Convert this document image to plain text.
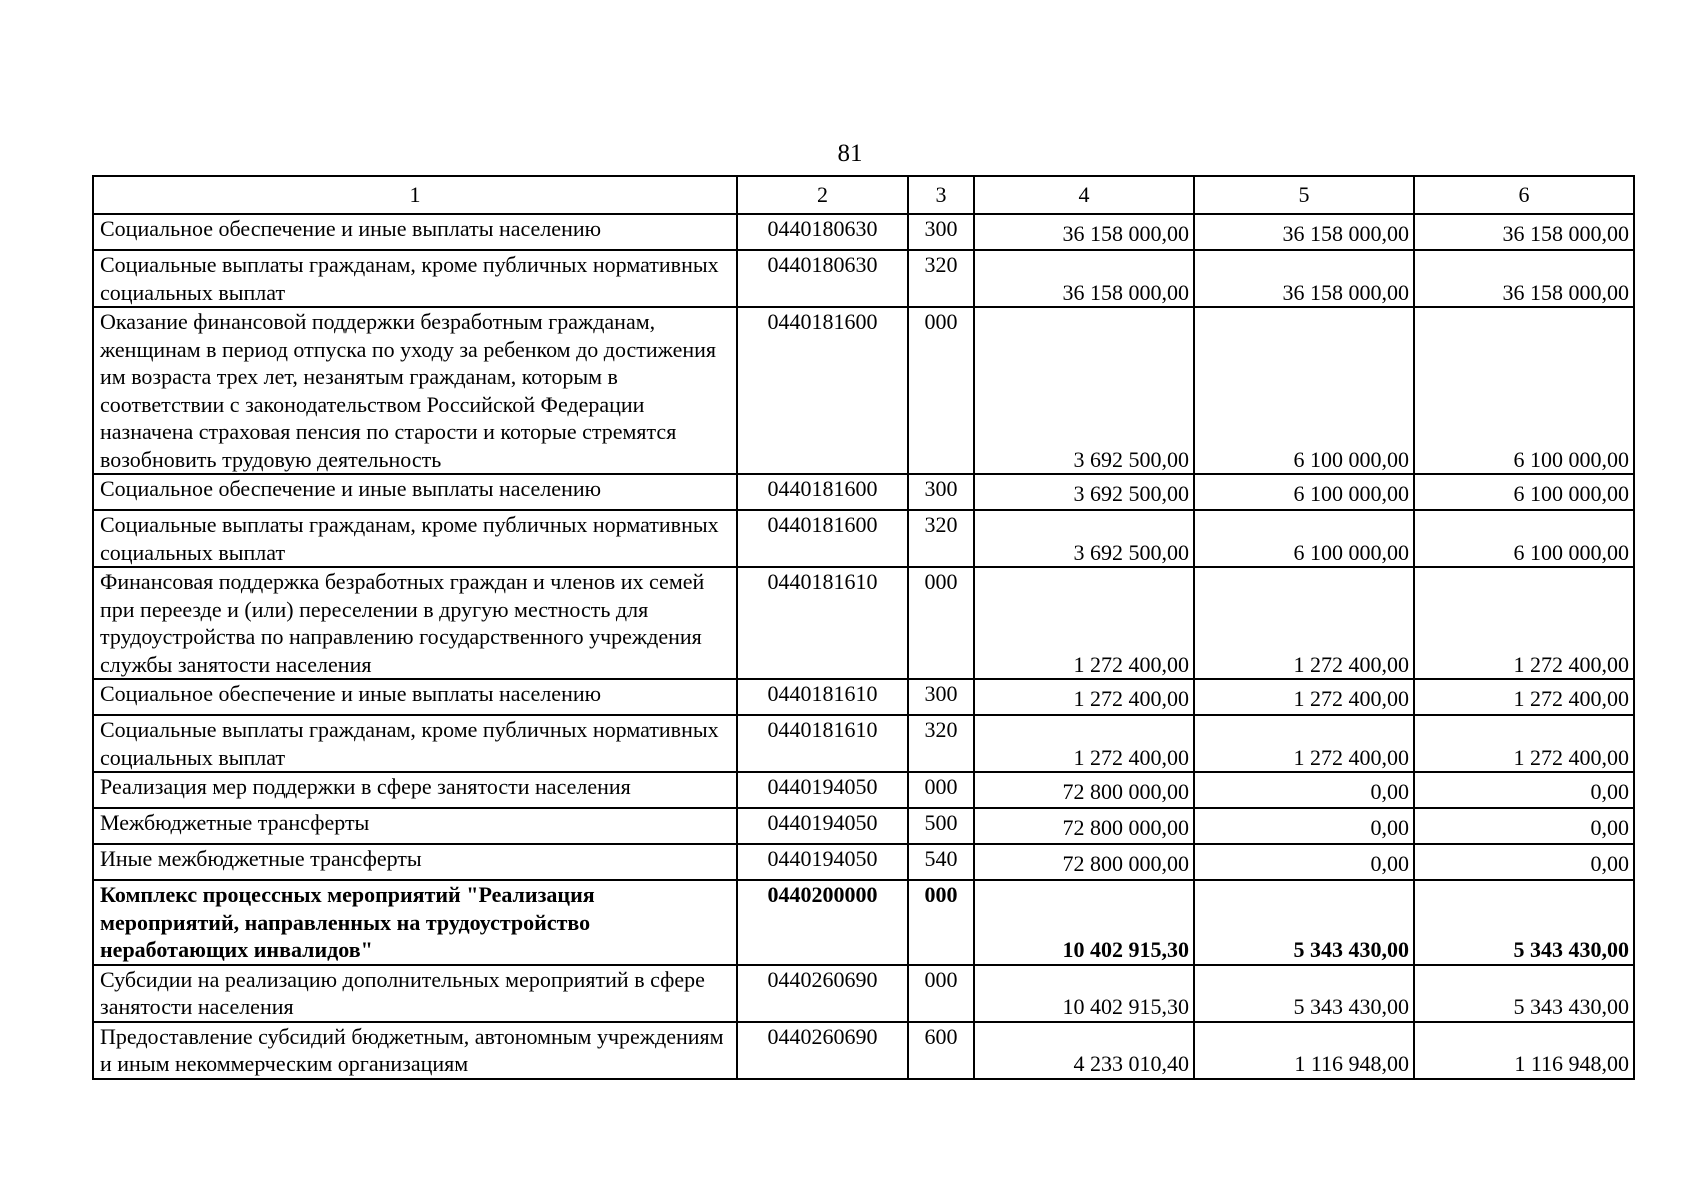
81
1	2	3	4	5	6
Социальное обеспечение и иные выплаты населению	0440180630	300	36 158 000,00	36 158 000,00	36 158 000,00
Социальные выплаты гражданам, кроме публичных нормативных социальных выплат	0440180630	320	36 158 000,00	36 158 000,00	36 158 000,00
Оказание финансовой поддержки безработным гражданам, женщинам в период отпуска по уходу за ребенком до достижения им возраста трех лет, незанятым гражданам, которым в соответствии с законодательством Российской Федерации назначена страховая пенсия по старости и которые стремятся возобновить трудовую деятельность	0440181600	000	3 692 500,00	6 100 000,00	6 100 000,00
Социальное обеспечение и иные выплаты населению	0440181600	300	3 692 500,00	6 100 000,00	6 100 000,00
Социальные выплаты гражданам, кроме публичных нормативных социальных выплат	0440181600	320	3 692 500,00	6 100 000,00	6 100 000,00
Финансовая поддержка безработных граждан и членов их семей при переезде и (или) переселении в другую местность для трудоустройства по направлению государственного учреждения службы занятости населения	0440181610	000	1 272 400,00	1 272 400,00	1 272 400,00
Социальное обеспечение и иные выплаты населению	0440181610	300	1 272 400,00	1 272 400,00	1 272 400,00
Социальные выплаты гражданам, кроме публичных нормативных социальных выплат	0440181610	320	1 272 400,00	1 272 400,00	1 272 400,00
Реализация мер поддержки в сфере занятости населения	0440194050	000	72 800 000,00	0,00	0,00
Межбюджетные трансферты	0440194050	500	72 800 000,00	0,00	0,00
Иные межбюджетные трансферты	0440194050	540	72 800 000,00	0,00	0,00
Комплекс процессных мероприятий "Реализация мероприятий, направленных на трудоустройство неработающих инвалидов"	0440200000	000	10 402 915,30	5 343 430,00	5 343 430,00
Субсидии на реализацию дополнительных мероприятий в сфере занятости населения	0440260690	000	10 402 915,30	5 343 430,00	5 343 430,00
Предоставление субсидий бюджетным, автономным учреждениям и иным некоммерческим организациям	0440260690	600	4 233 010,40	1 116 948,00	1 116 948,00
